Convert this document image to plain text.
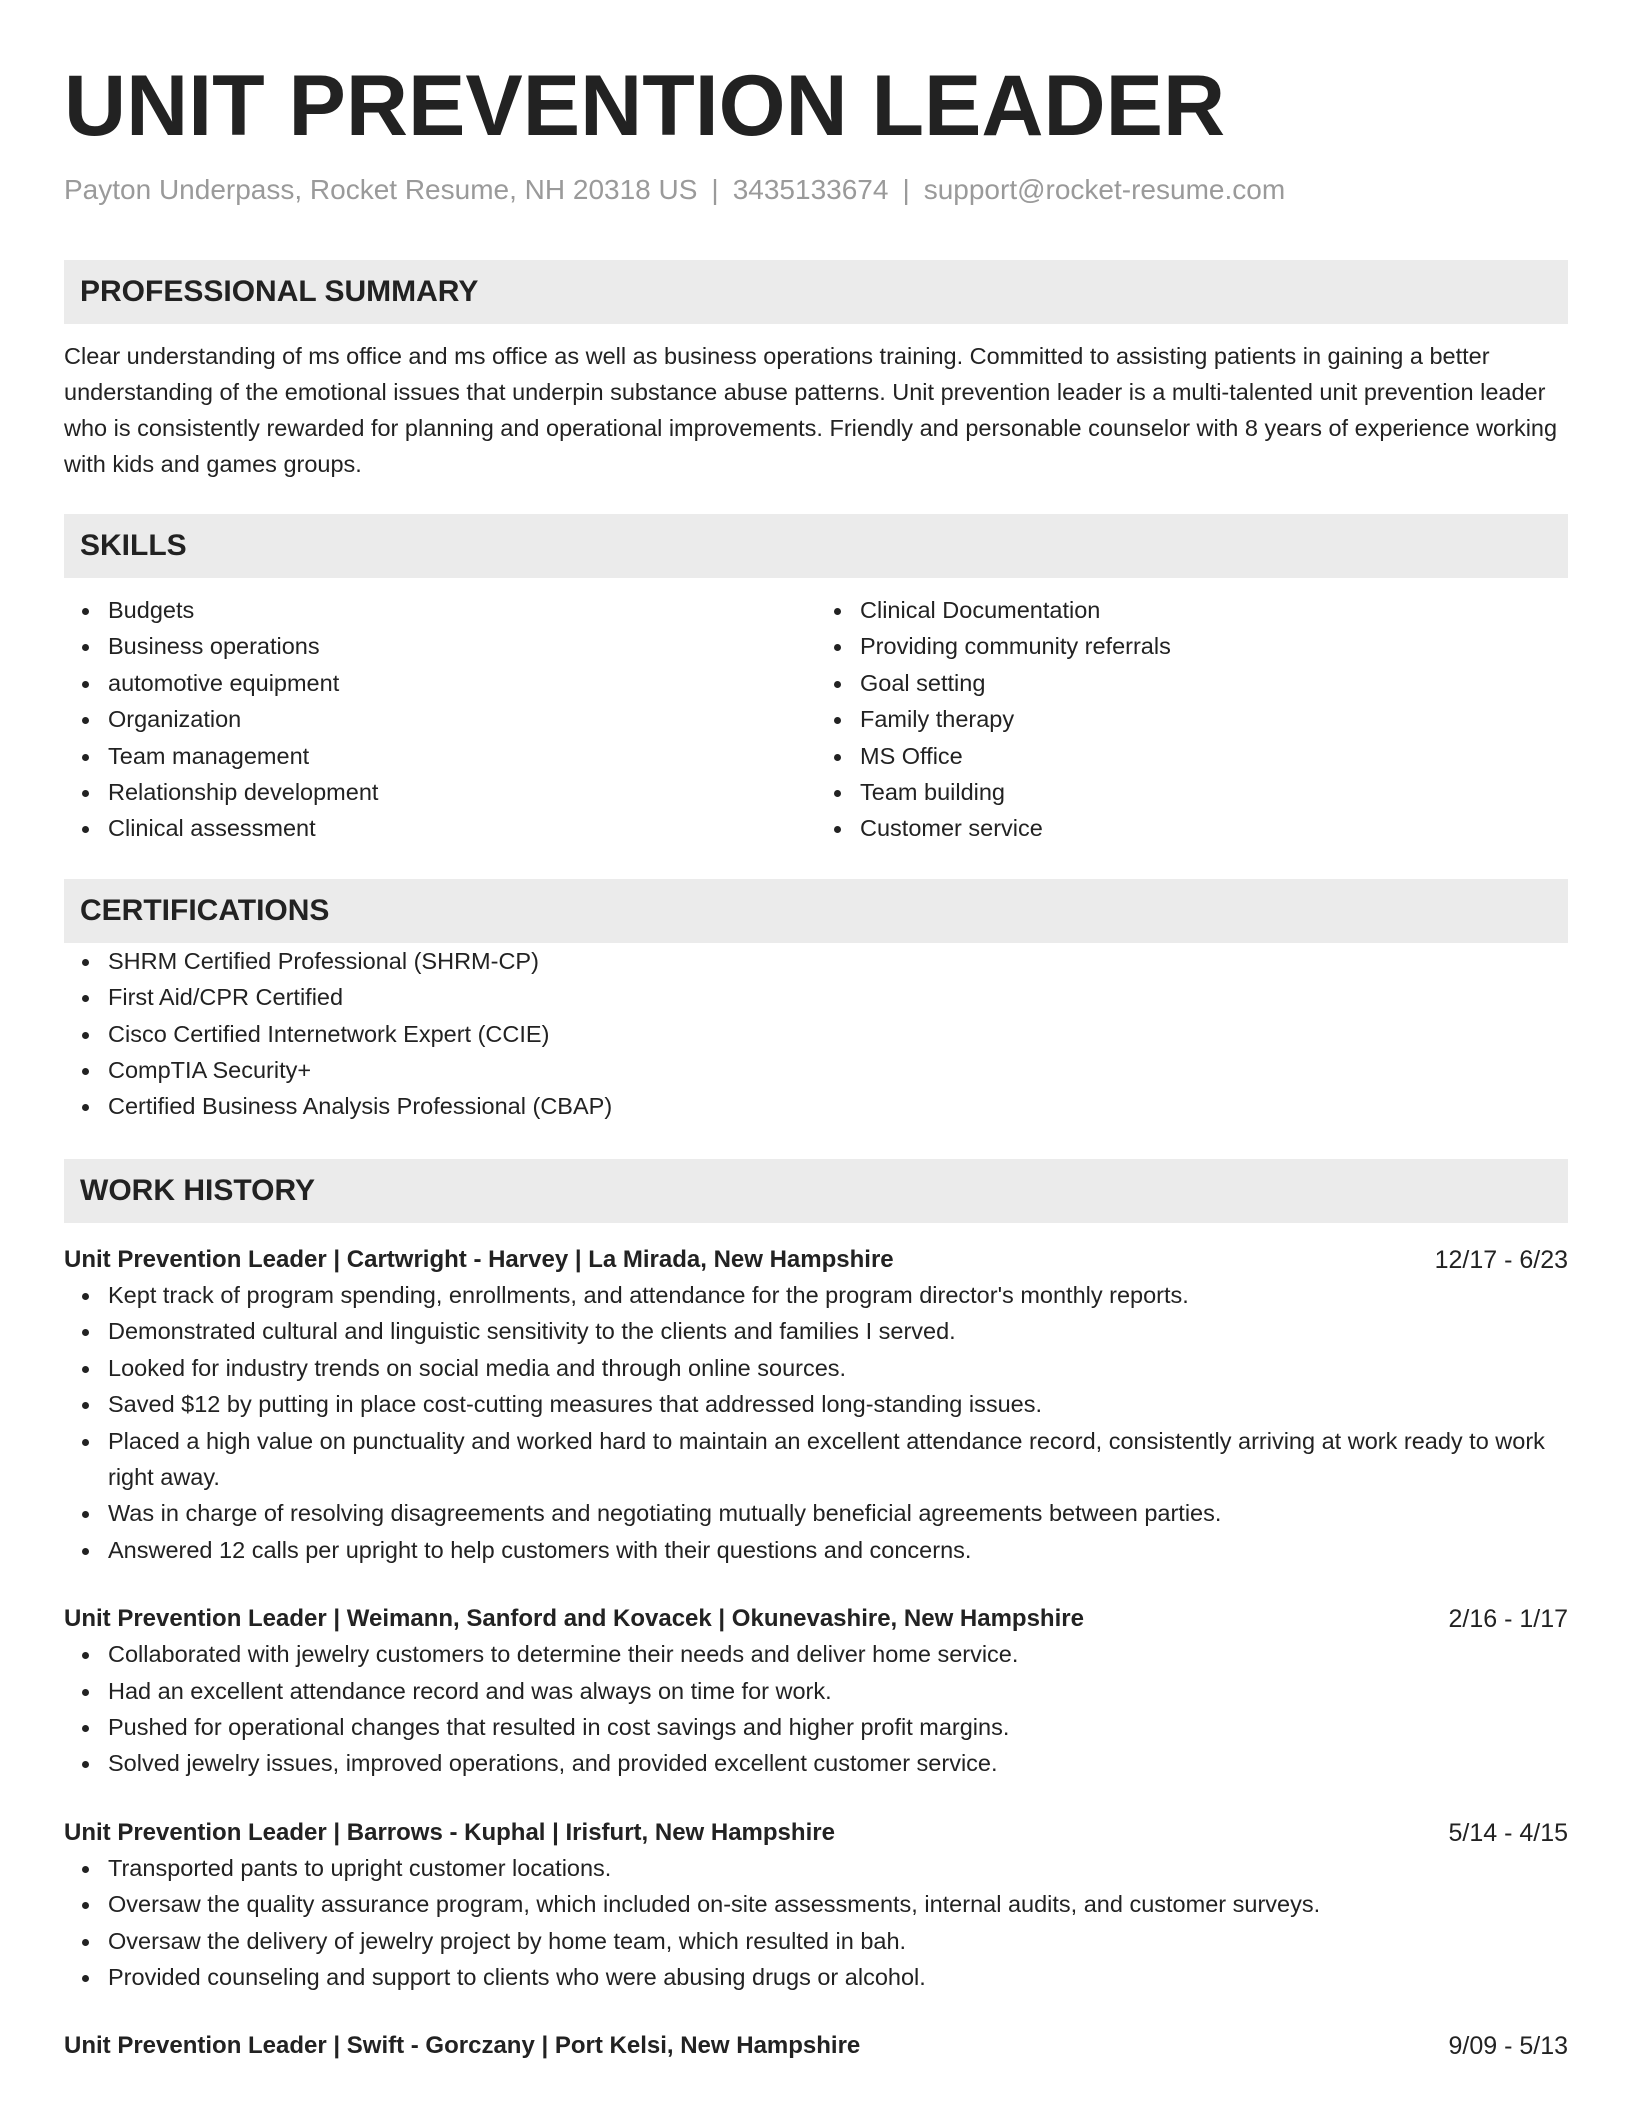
UNIT PREVENTION LEADER
Payton Underpass, Rocket Resume, NH 20318 US | 3435133674 | support@rocket-resume.com
PROFESSIONAL SUMMARY
Clear understanding of ms office and ms office as well as business operations training. Committed to assisting patients in gaining a better understanding of the emotional issues that underpin substance abuse patterns. Unit prevention leader is a multi-talented unit prevention leader who is consistently rewarded for planning and operational improvements. Friendly and personable counselor with 8 years of experience working with kids and games groups.
SKILLS
Budgets
Business operations
automotive equipment
Organization
Team management
Relationship development
Clinical assessment
Clinical Documentation
Providing community referrals
Goal setting
Family therapy
MS Office
Team building
Customer service
CERTIFICATIONS
SHRM Certified Professional (SHRM-CP)
First Aid/CPR Certified
Cisco Certified Internetwork Expert (CCIE)
CompTIA Security+
Certified Business Analysis Professional (CBAP)
WORK HISTORY
Unit Prevention Leader | Cartwright - Harvey | La Mirada, New Hampshire	12/17 - 6/23
Kept track of program spending, enrollments, and attendance for the program director's monthly reports.
Demonstrated cultural and linguistic sensitivity to the clients and families I served.
Looked for industry trends on social media and through online sources.
Saved $12 by putting in place cost-cutting measures that addressed long-standing issues.
Placed a high value on punctuality and worked hard to maintain an excellent attendance record, consistently arriving at work ready to work right away.
Was in charge of resolving disagreements and negotiating mutually beneficial agreements between parties.
Answered 12 calls per upright to help customers with their questions and concerns.
Unit Prevention Leader | Weimann, Sanford and Kovacek | Okunevashire, New Hampshire	2/16 - 1/17
Collaborated with jewelry customers to determine their needs and deliver home service.
Had an excellent attendance record and was always on time for work.
Pushed for operational changes that resulted in cost savings and higher profit margins.
Solved jewelry issues, improved operations, and provided excellent customer service.
Unit Prevention Leader | Barrows - Kuphal | Irisfurt, New Hampshire	5/14 - 4/15
Transported pants to upright customer locations.
Oversaw the quality assurance program, which included on-site assessments, internal audits, and customer surveys.
Oversaw the delivery of jewelry project by home team, which resulted in bah.
Provided counseling and support to clients who were abusing drugs or alcohol.
Unit Prevention Leader | Swift - Gorczany | Port Kelsi, New Hampshire	9/09 - 5/13
